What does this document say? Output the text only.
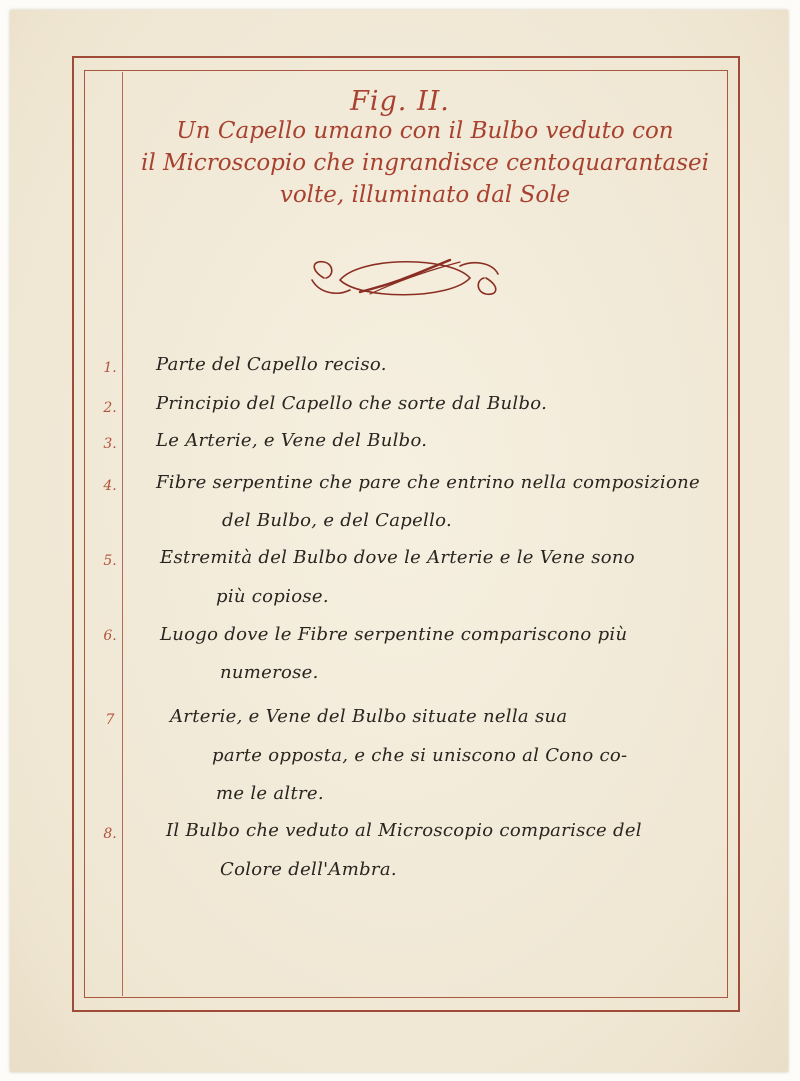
Fig. II.
Un Capello umano con il Bulbo veduto con
il Microscopio che ingrandisce centoquarantasei
volte, illuminato dal Sole
1.	Parte del Capello reciso.
2.	Principio del Capello che sorte dal Bulbo.
3.	Le Arterie, e Vene del Bulbo.
4.	Fibre serpentine che pare che entrino nella composizione
del Bulbo, e del Capello.
5.	Estremità del Bulbo dove le Arterie e le Vene sono
più copiose.
6.	Luogo dove le Fibre serpentine compariscono più
numerose.
7	Arterie, e Vene del Bulbo situate nella sua
parte opposta, e che si uniscono al Cono co-
me le altre.
8.	Il Bulbo che veduto al Microscopio comparisce del
Colore dell'Ambra.
